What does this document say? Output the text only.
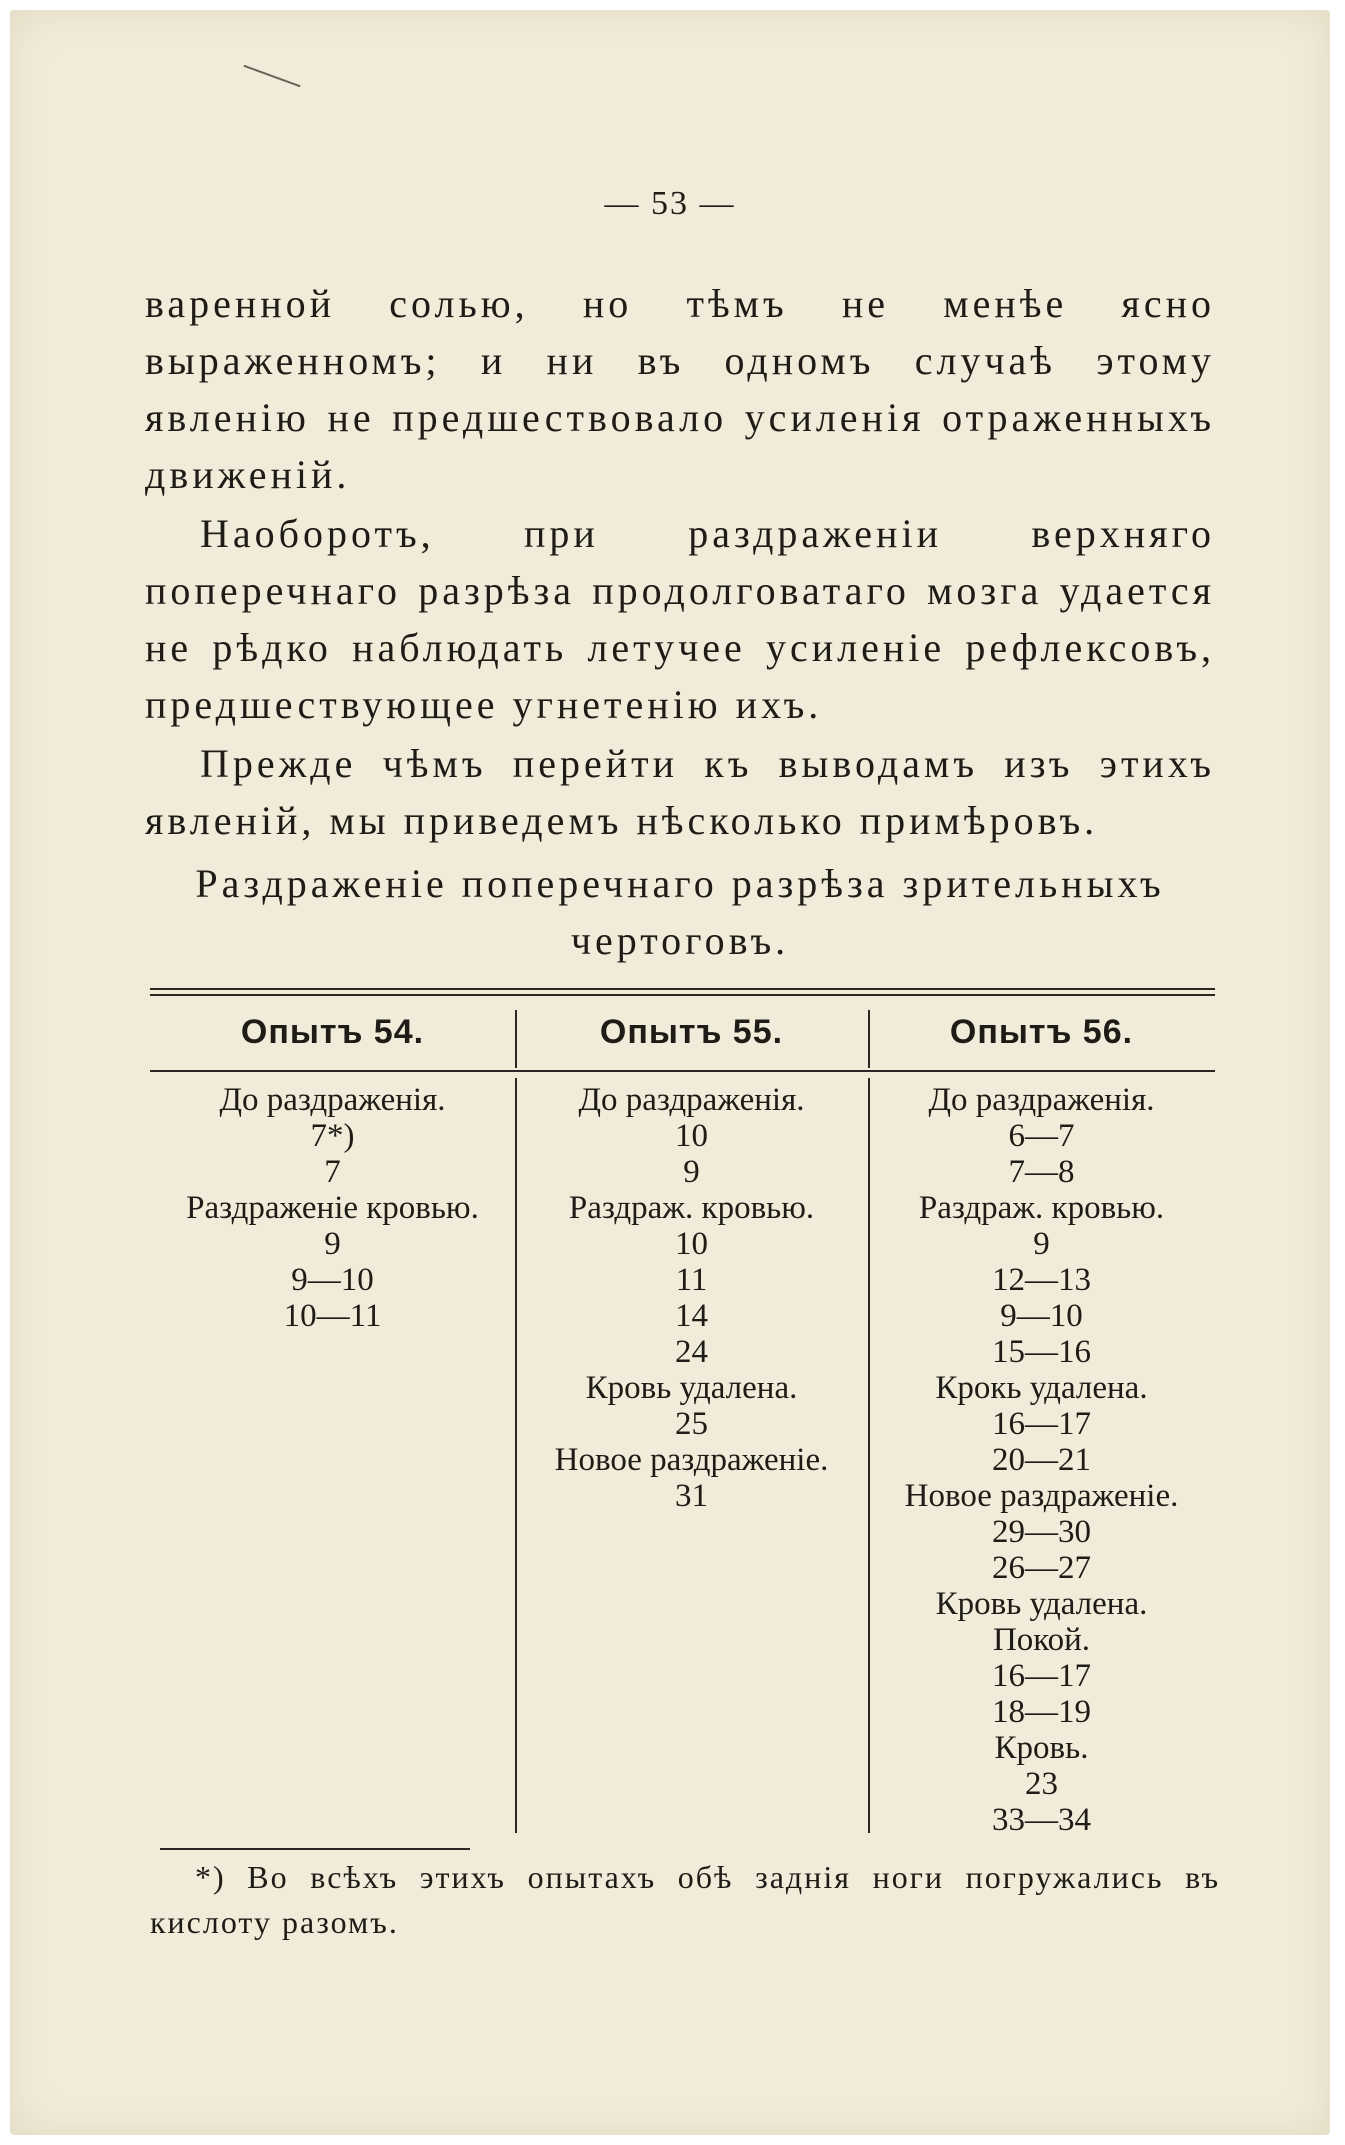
— 53 —

варенной солью, но тѣмъ не менѣе ясно выраженномъ; и ни въ одномъ случаѣ этому явленію не предшествовало усиленія отраженныхъ движеній.

Наоборотъ, при раздраженіи верхняго поперечнаго разрѣза продолговатаго мозга удается не рѣдко наблюдать летучее усиленіе рефлексовъ, предшествующее угнетенію ихъ.

Прежде чѣмъ перейти къ выводамъ изъ этихъ явленій, мы приведемъ нѣсколько примѣровъ.

Раздраженіе поперечнаго разрѣза зрительныхъ
чертоговъ.
Опытъ 54.
До раздраженія.
7*)
7
Раздраженіе кровью.
9
9—10
10—11
Опытъ 55.
До раздраженія.
10
9
Раздраж. кровью.
10
11
14
24
Кровь удалена.
25
Новое раздраженіе.
31
Опытъ 56.
До раздраженія.
6—7
7—8
Раздраж. кровью.
9
12—13
9—10
15—16
Крокь удалена.
16—17
20—21
Новое раздраженіе.
29—30
26—27
Кровь удалена.
Покой.
16—17
18—19
Кровь.
23
33—34

*) Во всѣхъ этихъ опытахъ обѣ заднія ноги погружались въ кислоту разомъ.
